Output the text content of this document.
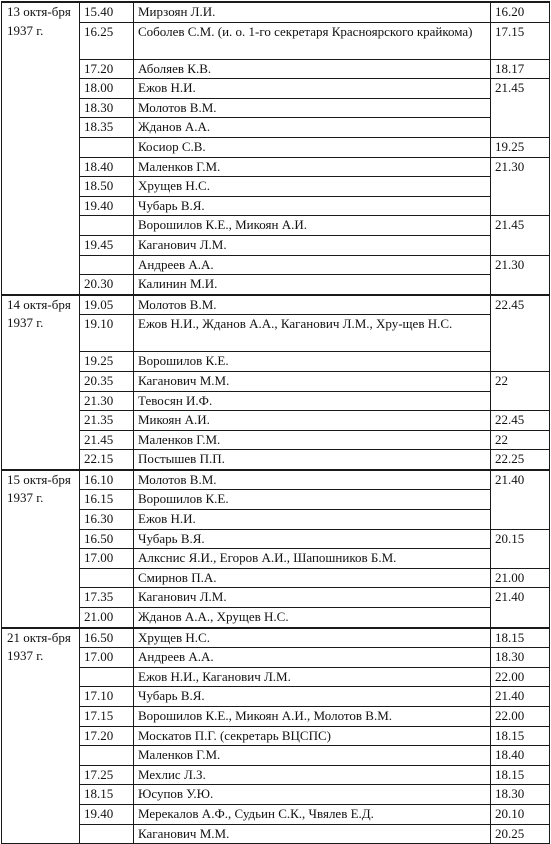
13 октя-бря 1937 г.	15.40	Мирзоян Л.И.	16.20
	16.25	Соболев С.М. (и. о. 1-го секретаря Красноярского крайкома)	17.15
	17.20	Аболяев К.В.	18.17
	18.00	Ежов Н.И.	21.45
	18.30	Молотов В.М.	
	18.35	Жданов А.А.	
		Косиор С.В.	19.25
	18.40	Маленков Г.М.	21.30
	18.50	Хрущев Н.С.	
	19.40	Чубарь В.Я.	
		Ворошилов К.Е., Микоян А.И.	21.45
	19.45	Каганович Л.М.	
		Андреев А.А.	21.30
	20.30	Калинин М.И.	
14 октя-бря 1937 г.	19.05	Молотов В.М.	22.45
	19.10	Ежов Н.И., Жданов А.А., Каганович Л.М., Хру-щев Н.С.	
	19.25	Ворошилов К.Е.	
	20.35	Каганович М.М.	22
	21.30	Тевосян И.Ф.	
	21.35	Микоян А.И.	22.45
	21.45	Маленков Г.М.	22
	22.15	Постышев П.П.	22.25
15 октя-бря 1937 г.	16.10	Молотов В.М.	21.40
	16.15	Ворошилов К.Е.	
	16.30	Ежов Н.И.	
	16.50	Чубарь В.Я.	20.15
	17.00	Алкснис Я.И., Егоров А.И., Шапошников Б.М.	
		Смирнов П.А.	21.00
	17.35	Каганович Л.М.	21.40
	21.00	Жданов А.А., Хрущев Н.С.	
21 октя-бря 1937 г.	16.50	Хрущев Н.С.	18.15
	17.00	Андреев А.А.	18.30
		Ежов Н.И., Каганович Л.М.	22.00
	17.10	Чубарь В.Я.	21.40
	17.15	Ворошилов К.Е., Микоян А.И., Молотов В.М.	22.00
	17.20	Москатов П.Г. (секретарь ВЦСПС)	18.15
		Маленков Г.М.	18.40
	17.25	Мехлис Л.З.	18.15
	18.15	Юсупов У.Ю.	18.30
	19.40	Мерекалов А.Ф., Судьин С.К., Чвялев Е.Д.	20.10
		Каганович М.М.	20.25
